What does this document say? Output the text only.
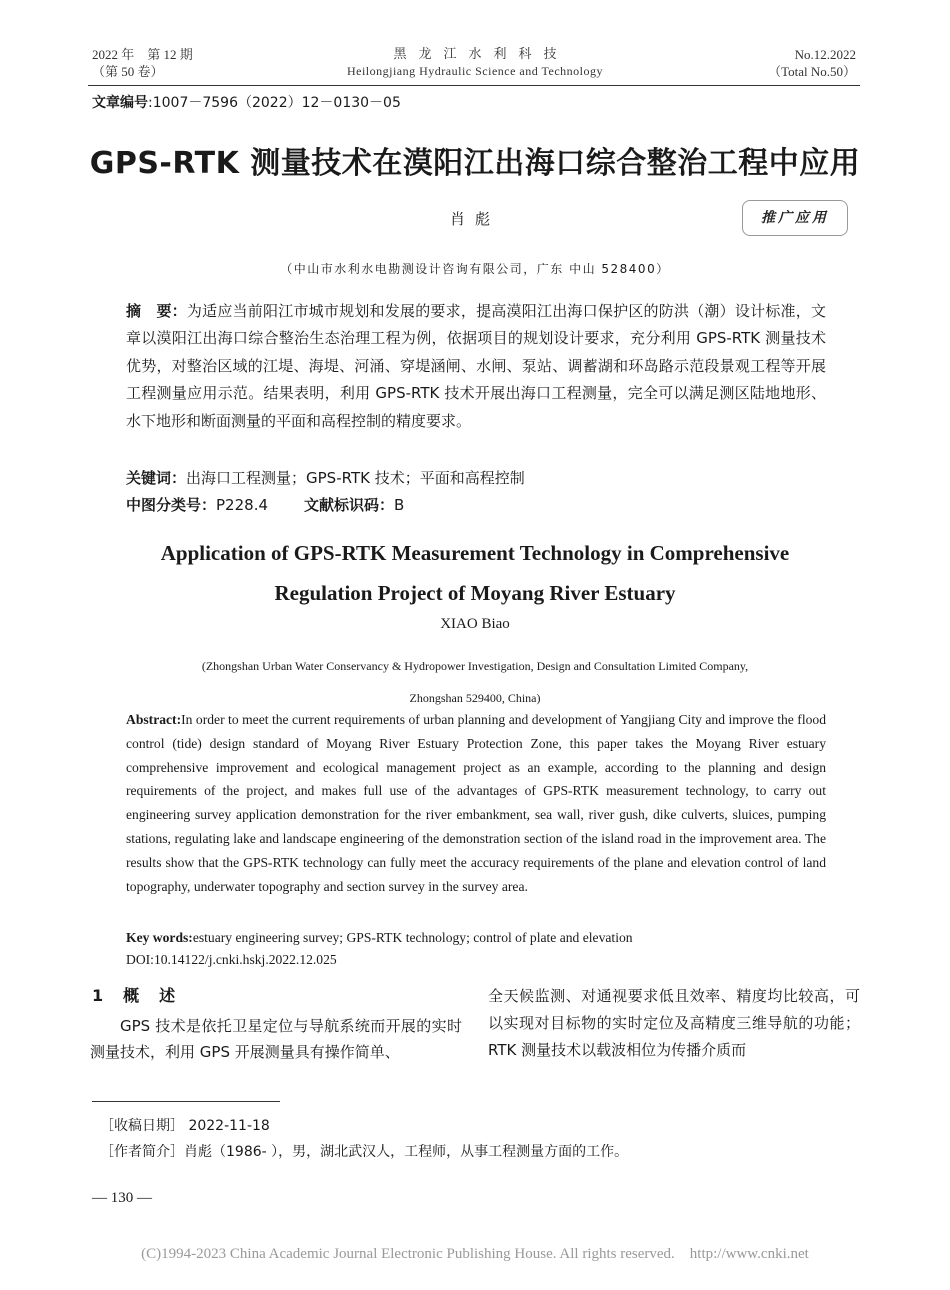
2022 年　第 12 期
（第 50 卷）
黑龙江水利科技
Heilongjiang Hydraulic Science and Technology
No.12.2022
（Total No.50）
文章编号:1007－7596（2022）12－0130－05
GPS-RTK 测量技术在漠阳江出海口综合整治工程中应用
肖彪	推广应用
（中山市水利水电勘测设计咨询有限公司，广东 中山 528400）
摘　要：为适应当前阳江市城市规划和发展的要求，提高漠阳江出海口保护区的防洪（潮）设计标准，文章以漠阳江出海口综合整治生态治理工程为例，依据项目的规划设计要求，充分利用 GPS-RTK 测量技术优势，对整治区域的江堤、海堤、河涌、穿堤涵闸、水闸、泵站、调蓄湖和环岛路示范段景观工程等开展工程测量应用示范。结果表明，利用 GPS-RTK 技术开展出海口工程测量，完全可以满足测区陆地地形、水下地形和断面测量的平面和高程控制的精度要求。
关键词：出海口工程测量；GPS-RTK 技术；平面和高程控制
中图分类号：P228.4 文献标识码：B
Application of GPS-RTK Measurement Technology in Comprehensive
Regulation Project of Moyang River Estuary
XIAO Biao
(Zhongshan Urban Water Conservancy & Hydropower Investigation, Design and Consultation Limited Company,
Zhongshan 529400, China)
Abstract:In order to meet the current requirements of urban planning and development of Yangjiang City and improve the flood control (tide) design standard of Moyang River Estuary Protection Zone, this paper takes the Moyang River estuary comprehensive improvement and ecological management project as an example, according to the planning and design requirements of the project, and makes full use of the advantages of GPS-RTK measurement technology, to carry out engineering survey application demonstration for the river embankment, sea wall, river gush, dike culverts, sluices, pumping stations, regulating lake and landscape engineering of the demonstration section of the island road in the improvement area. The results show that the GPS-RTK technology can fully meet the accuracy requirements of the plane and elevation control of land topography, underwater topography and section survey in the survey area.
Key words:estuary engineering survey; GPS-RTK technology; control of plate and elevation
DOI:10.14122/j.cnki.hskj.2022.12.025
1　概　述
GPS 技术是依托卫星定位与导航系统而开展的实时测量技术，利用 GPS 开展测量具有操作简单、
全天候监测、对通视要求低且效率、精度均比较高，可以实现对目标物的实时定位及高精度三维导航的功能；RTK 测量技术以载波相位为传播介质而
［收稿日期］ 2022-11-18
［作者简介］肖彪（1986- ），男，湖北武汉人，工程师，从事工程测量方面的工作。
— 130 —
(C)1994-2023 China Academic Journal Electronic Publishing House. All rights reserved.　http://www.cnki.net
